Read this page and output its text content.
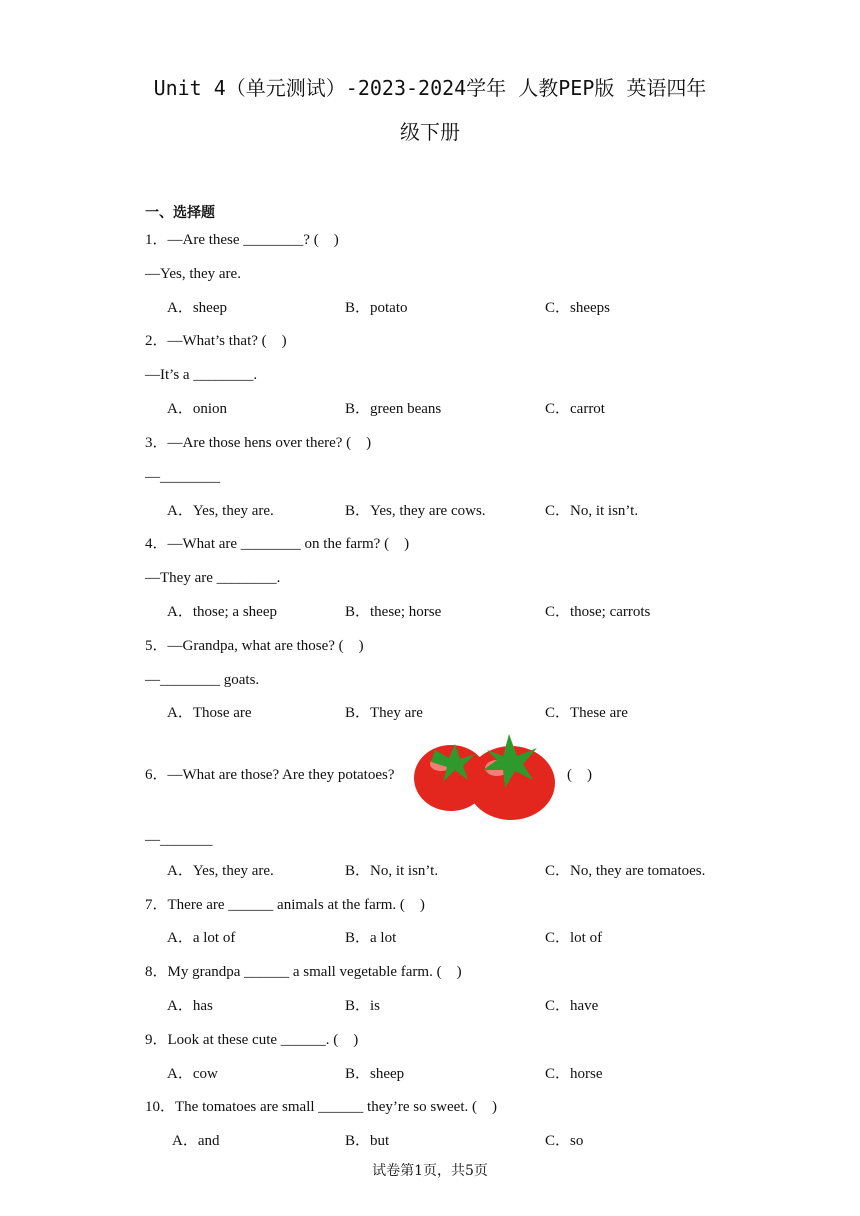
Unit 4（单元测试）-2023-2024学年 人教PEP版 英语四年
级下册
一、选择题
1．—Are these ________? (    )
—Yes, they are.
A．sheep	B．potato	C．sheeps
2．—What’s that? (    )
—It’s a ________.
A．onion	B．green beans	C．carrot
3．—Are those hens over there? (    )
—________
A．Yes, they are.	B．Yes, they are cows.	C．No, it isn’t.
4．—What are ________ on the farm? (    )
—They are ________.
A．those; a sheep	B．these; horse	C．those; carrots
5．—Grandpa, what are those? (    )
—________ goats.
A．Those are	B．They are	C．These are
6．—What are those? Are they potatoes?	(    )
—_______
A．Yes, they are.	B．No, it isn’t.	C．No, they are tomatoes.
7．There are ______ animals at the farm. (    )
A．a lot of	B．a lot	C．lot of
8．My grandpa ______ a small vegetable farm. (    )
A．has	B．is	C．have
9．Look at these cute ______. (    )
A．cow	B．sheep	C．horse
10．The tomatoes are small ______ they’re so sweet. (    )
A．and	B．but	C．so
试卷第1页，共5页
